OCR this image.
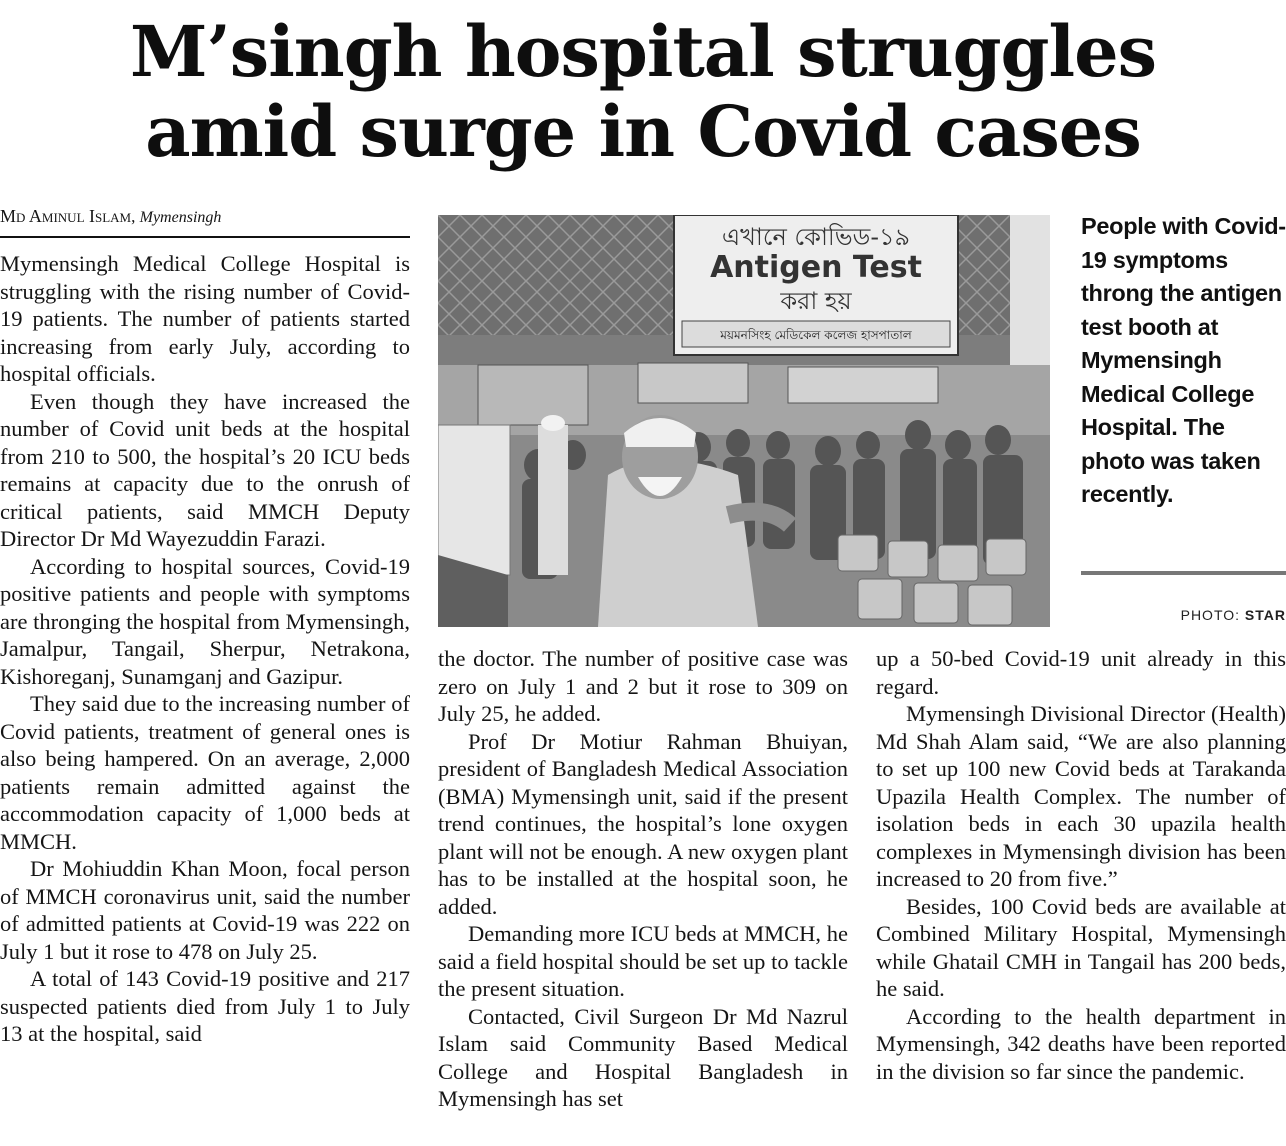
M’singh hospital struggles
amid surge in Covid cases
Md Aminul Islam, Mymensingh

Mymensingh Medical College Hospital is struggling with the rising number of Covid-19 patients. The number of patients started increasing from early July, according to hospital officials.

Even though they have increased the number of Covid unit beds at the hospital from 210 to 500, the hospital’s 20 ICU beds remains at capacity due to the onrush of critical patients, said MMCH Deputy Director Dr Md Wayezuddin Farazi.

According to hospital sources, Covid-19 positive patients and people with symptoms are thronging the hospital from Mymensingh, Jamalpur, Tangail, Sherpur, Netrakona, Kishoreganj, Sunamganj and Gazipur.

They said due to the increasing number of Covid patients, treatment of general ones is also being hampered. On an average, 2,000 patients remain admitted against the accommodation capacity of 1,000 beds at MMCH.

Dr Mohiuddin Khan Moon, focal person of MMCH coronavirus unit, said the number of admitted patients at Covid-19 was 222 on July 1 but it rose to 478 on July 25.

A total of 143 Covid-19 positive and 217 suspected patients died from July 1 to July 13 at the hospital, said

এখানে কোভিড-১৯
Antigen Test
করা হয়
ময়মনসিংহ মেডিকেল কলেজ হাসপাতাল
People with Covid-19 symptoms throng the antigen test booth at Mymensingh Medical College Hospital. The photo was taken recently.
PHOTO: STAR

the doctor. The number of positive case was zero on July 1 and 2 but it rose to 309 on July 25, he added.

Prof Dr Motiur Rahman Bhuiyan, president of Bangladesh Medical Association (BMA) Mymensingh unit, said if the present trend continues, the hospital’s lone oxygen plant will not be enough. A new oxygen plant has to be installed at the hospital soon, he added.

Demanding more ICU beds at MMCH, he said a field hospital should be set up to tackle the present situation.

Contacted, Civil Surgeon Dr Md Nazrul Islam said Community Based Medical College and Hospital Bangladesh in Mymensingh has set

up a 50-bed Covid-19 unit already in this regard.

Mymensingh Divisional Director (Health) Md Shah Alam said, “We are also planning to set up 100 new Covid beds at Tarakanda Upazila Health Complex. The number of isolation beds in each 30 upazila health complexes in Mymensingh division has been increased to 20 from five.”

Besides, 100 Covid beds are available at Combined Military Hospital, Mymensingh while Ghatail CMH in Tangail has 200 beds, he said.

According to the health department in Mymensingh, 342 deaths have been reported in the division so far since the pandemic.
